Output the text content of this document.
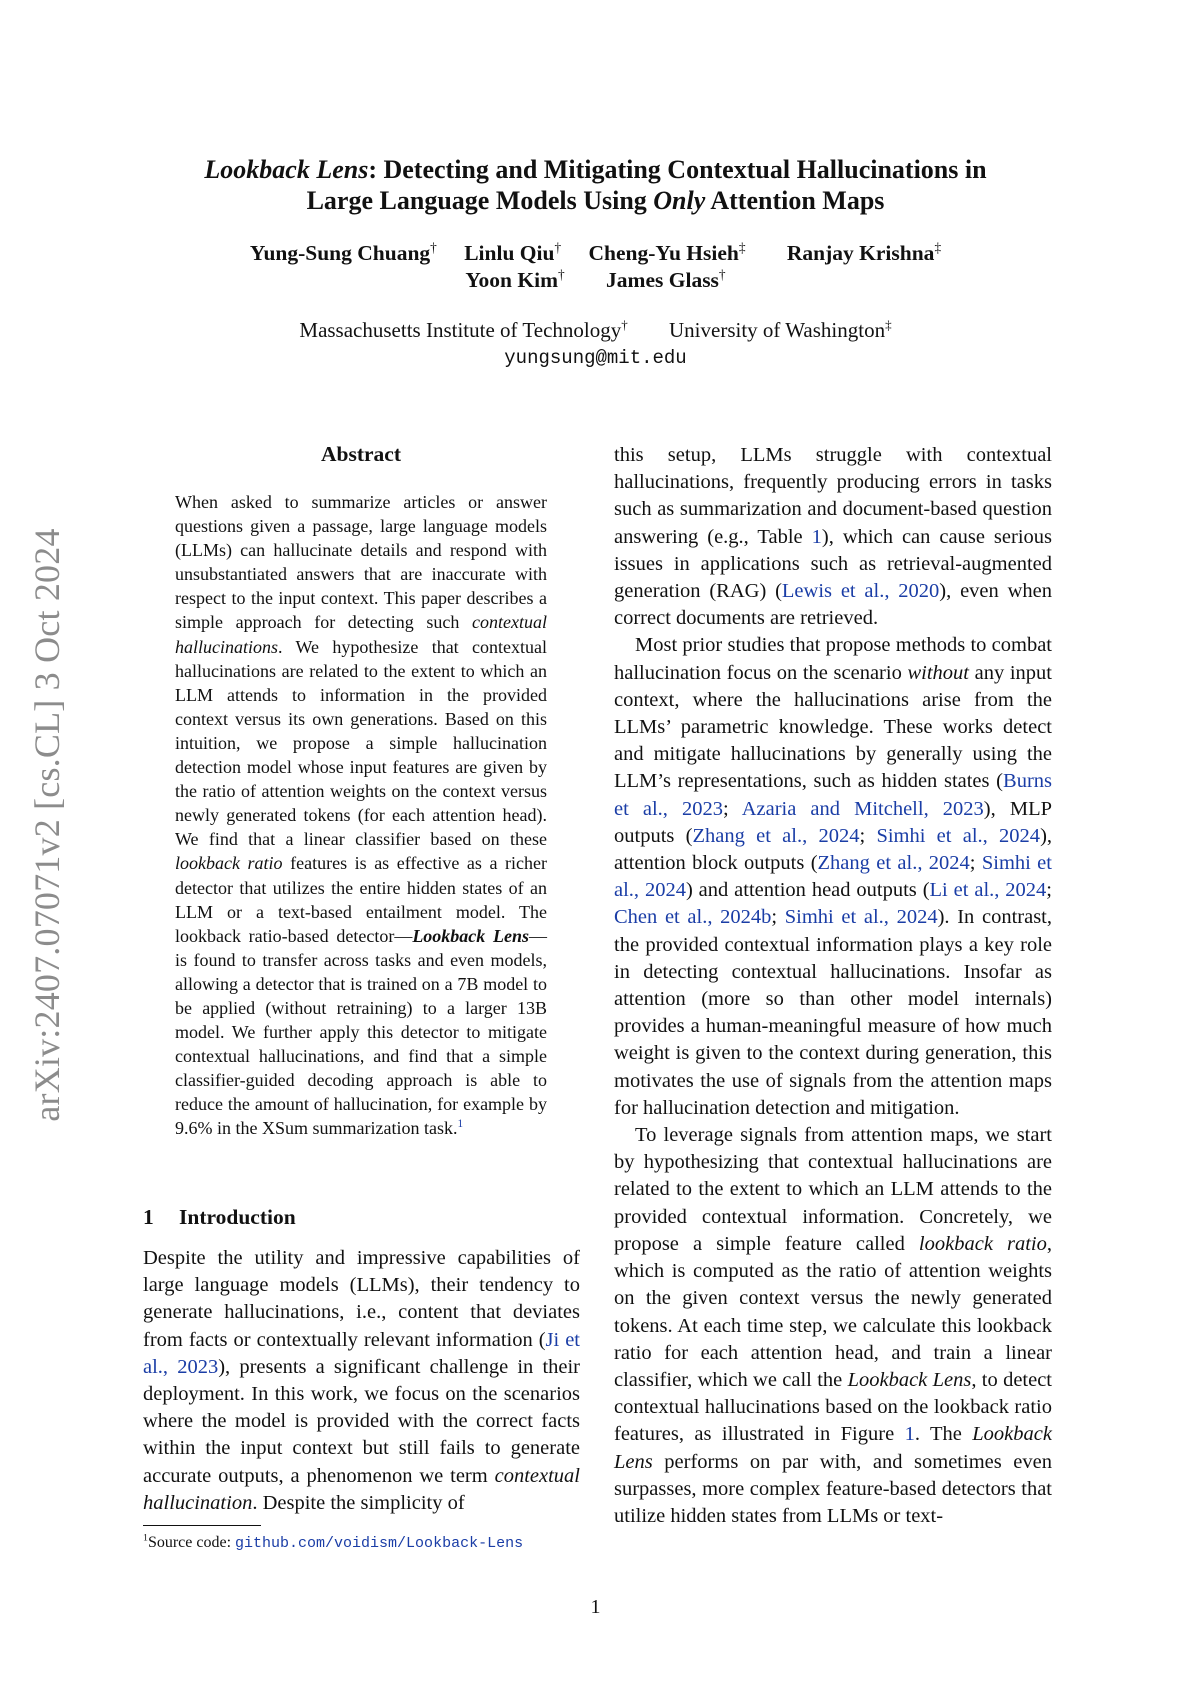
arXiv:2407.07071v2 [cs.CL] 3 Oct 2024
Lookback Lens: Detecting and Mitigating Contextual Hallucinations in
Large Language Models Using Only Attention Maps
Yung-Sung Chuang† Linlu Qiu† Cheng-Yu Hsieh‡ Ranjay Krishna‡
Yoon Kim† James Glass†
Massachusetts Institute of Technology† University of Washington‡
yungsung@mit.edu
Abstract
When asked to summarize articles or answer questions given a passage, large language models (LLMs) can hallucinate details and respond with unsubstantiated answers that are inaccurate with respect to the input context. This paper describes a simple approach for detecting such contextual hallucinations. We hypothesize that contextual hallucinations are related to the extent to which an LLM attends to information in the provided context versus its own generations. Based on this intuition, we propose a simple hallucination detection model whose input features are given by the ratio of attention weights on the context versus newly generated tokens (for each attention head). We find that a linear classifier based on these lookback ratio features is as effective as a richer detector that utilizes the entire hidden states of an LLM or a text-based entailment model. The lookback ratio-based detector—Lookback Lens—is found to transfer across tasks and even models, allowing a detector that is trained on a 7B model to be applied (without retraining) to a larger 13B model. We further apply this detector to mitigate contextual hallucinations, and find that a simple classifier-guided decoding approach is able to reduce the amount of hallucination, for example by 9.6% in the XSum summarization task.$^1$
1 Introduction
Despite the utility and impressive capabilities of large language models (LLMs), their tendency to generate hallucinations, i.e., content that deviates from facts or contextually relevant information (Ji et al., 2023), presents a significant challenge in their deployment. In this work, we focus on the scenarios where the model is provided with the correct facts within the input context but still fails to generate accurate outputs, a phenomenon we term contextual hallucination. Despite the simplicity of

this setup, LLMs struggle with contextual hallucinations, frequently producing errors in tasks such as summarization and document-based question answering (e.g., Table 1), which can cause serious issues in applications such as retrieval-augmented generation (RAG) (Lewis et al., 2020), even when correct documents are retrieved.

Most prior studies that propose methods to combat hallucination focus on the scenario without any input context, where the hallucinations arise from the LLMs’ parametric knowledge. These works detect and mitigate hallucinations by generally using the LLM’s representations, such as hidden states (Burns et al., 2023; Azaria and Mitchell, 2023), MLP outputs (Zhang et al., 2024; Simhi et al., 2024), attention block outputs (Zhang et al., 2024; Simhi et al., 2024) and attention head outputs (Li et al., 2024; Chen et al., 2024b; Simhi et al., 2024). In contrast, the provided contextual information plays a key role in detecting contextual hallucinations. Insofar as attention (more so than other model internals) provides a human-meaningful measure of how much weight is given to the context during generation, this motivates the use of signals from the attention maps for hallucination detection and mitigation.

To leverage signals from attention maps, we start by hypothesizing that contextual hallucinations are related to the extent to which an LLM attends to the provided contextual information. Concretely, we propose a simple feature called lookback ratio, which is computed as the ratio of attention weights on the given context versus the newly generated tokens. At each time step, we calculate this lookback ratio for each attention head, and train a linear classifier, which we call the Lookback Lens, to detect contextual hallucinations based on the lookback ratio features, as illustrated in Figure 1. The Lookback Lens performs on par with, and sometimes even surpasses, more complex feature-based detectors that utilize hidden states from LLMs or text-

$^1$Source code: github.com/voidism/Lookback-Lens
1
